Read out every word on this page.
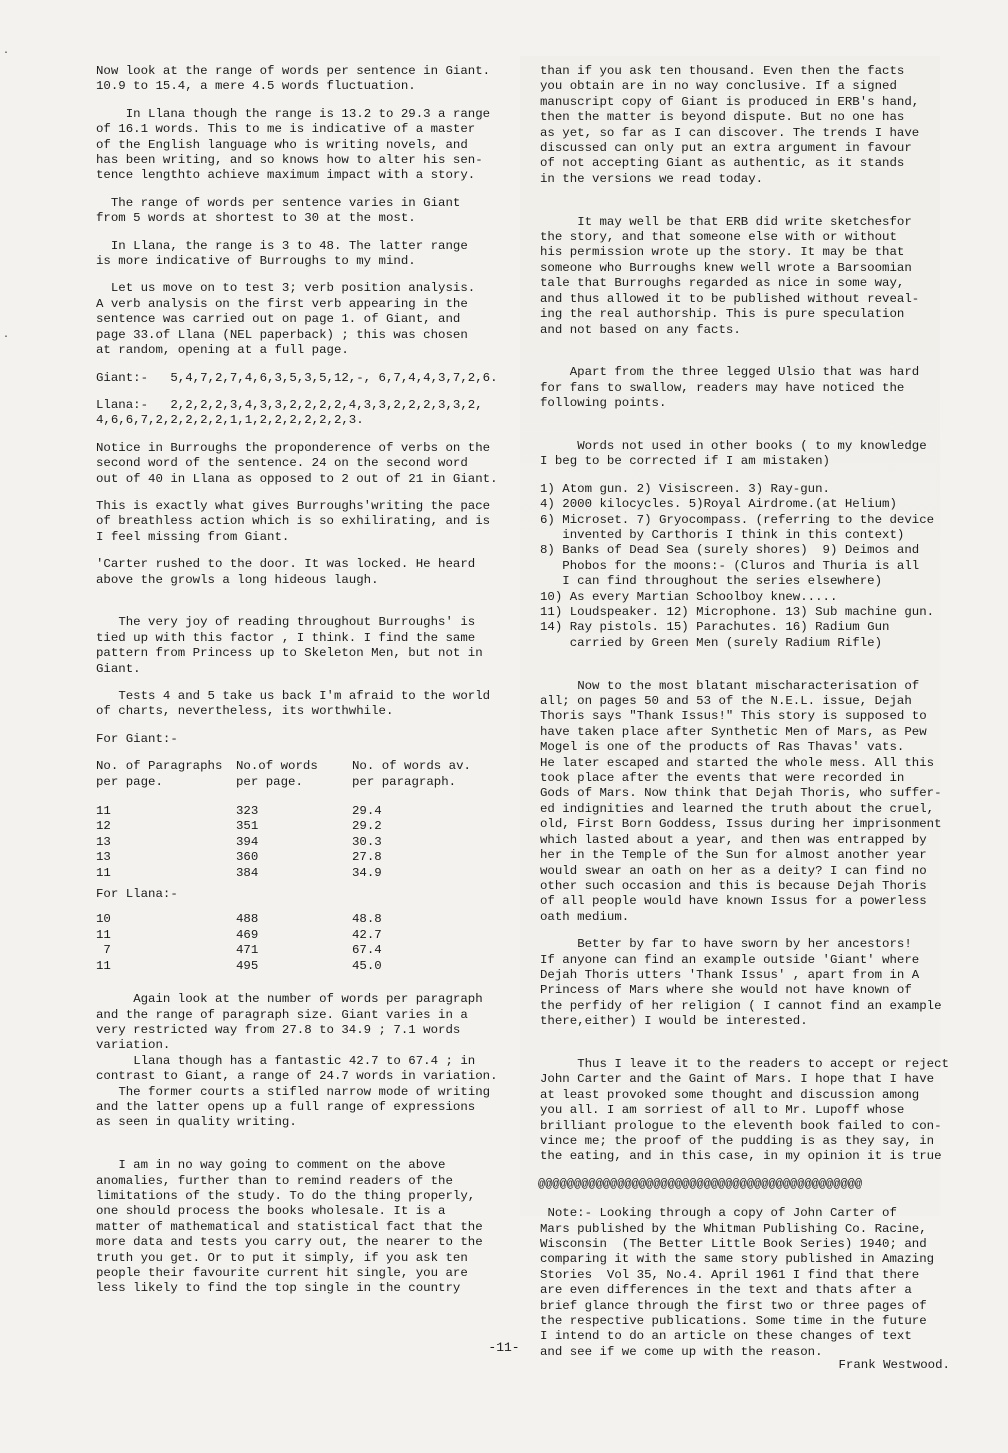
.
.

Now look at the range of words per sentence in Giant.
10.9 to 15.4, a mere 4.5 words fluctuation.

In Llana though the range is 13.2 to 29.3 a range
of 16.1 words. This to me is indicative of a master
of the English language who is writing novels, and
has been writing, and so knows how to alter his sen-
tence lengthto achieve maximum impact with a story.

The range of words per sentence varies in Giant
from 5 words at shortest to 30 at the most.

In Llana, the range is 3 to 48. The latter range
is more indicative of Burroughs to my mind.

Let us move on to test 3; verb position analysis.
A verb analysis on the first verb appearing in the
sentence was carried out on page 1. of Giant, and
page 33.of Llana (NEL paperback) ; this was chosen
at random, opening at a full page.

Giant:-   5,4,7,2,7,4,6,3,5,3,5,12,-, 6,7,4,4,3,7,2,6.

Llana:-   2,2,2,2,3,4,3,3,2,2,2,2,4,3,3,2,2,2,3,3,2,
4,6,6,7,2,2,2,2,2,1,1,2,2,2,2,2,2,3.

Notice in Burroughs the proponderence of verbs on the
second word of the sentence. 24 on the second word
out of 40 in Llana as opposed to 2 out of 21 in Giant.

This is exactly what gives Burroughs'writing the pace
of breathless action which is so exhilirating, and is
I feel missing from Giant.

'Carter rushed to the door. It was locked. He heard
above the growls a long hideous laugh.

The very joy of reading throughout Burroughs' is
tied up with this factor , I think. I find the same
pattern from Princess up to Skeleton Men, but not in
Giant.

Tests 4 and 5 take us back I'm afraid to the world
of charts, nevertheless, its worthwhile.

For Giant:-

No. of Paragraphs
per page.	No.of words
per page.	No. of words av.
per paragraph.

11	323	29.4
12	351	29.2
13	394	30.3
13	360	27.8
11	384	34.9

For Llana:-

10	488	48.8
11	469	42.7
7	471	67.4
11	495	45.0

Again look at the number of words per paragraph
and the range of paragraph size. Giant varies in a
very restricted way from 27.8 to 34.9 ; 7.1 words
variation.
Llana though has a fantastic 42.7 to 67.4 ; in
contrast to Giant, a range of 24.7 words in variation.
The former courts a stifled narrow mode of writing
and the latter opens up a full range of expressions
as seen in quality writing.

I am in no way going to comment on the above
anomalies, further than to remind readers of the
limitations of the study. To do the thing properly,
one should process the books wholesale. It is a
matter of mathematical and statistical fact that the
more data and tests you carry out, the nearer to the
truth you get. Or to put it simply, if you ask ten
people their favourite current hit single, you are
less likely to find the top single in the country

than if you ask ten thousand. Even then the facts
you obtain are in no way conclusive. If a signed
manuscript copy of Giant is produced in ERB's hand,
then the matter is beyond dispute. But no one has
as yet, so far as I can discover. The trends I have
discussed can only put an extra argument in favour
of not accepting Giant as authentic, as it stands
in the versions we read today.

It may well be that ERB did write sketchesfor
the story, and that someone else with or without
his permission wrote up the story. It may be that
someone who Burroughs knew well wrote a Barsoomian
tale that Burroughs regarded as nice in some way,
and thus allowed it to be published without reveal-
ing the real authorship. This is pure speculation
and not based on any facts.

Apart from the three legged Ulsio that was hard
for fans to swallow, readers may have noticed the
following points.

Words not used in other books ( to my knowledge
I beg to be corrected if I am mistaken)

1) Atom gun. 2) Visiscreen. 3) Ray-gun.
4) 2000 kilocycles. 5)Royal Airdrome.(at Helium)
6) Microset. 7) Gryocompass. (referring to the device
invented by Carthoris I think in this context)
8) Banks of Dead Sea (surely shores)  9) Deimos and
Phobos for the moons:- (Cluros and Thuria is all
I can find throughout the series elsewhere)
10) As every Martian Schoolboy knew.....
11) Loudspeaker. 12) Microphone. 13) Sub machine gun.
14) Ray pistols. 15) Parachutes. 16) Radium Gun
carried by Green Men (surely Radium Rifle)

Now to the most blatant mischaracterisation of
all; on pages 50 and 53 of the N.E.L. issue, Dejah
Thoris says "Thank Issus!" This story is supposed to
have taken place after Synthetic Men of Mars, as Pew
Mogel is one of the products of Ras Thavas' vats.
He later escaped and started the whole mess. All this
took place after the events that were recorded in
Gods of Mars. Now think that Dejah Thoris, who suffer-
ed indignities and learned the truth about the cruel,
old, First Born Goddess, Issus during her imprisonment
which lasted about a year, and then was entrapped by
her in the Temple of the Sun for almost another year
would swear an oath on her as a deity? I can find no
other such occasion and this is because Dejah Thoris
of all people would have known Issus for a powerless
oath medium.

Better by far to have sworn by her ancestors!
If anyone can find an example outside 'Giant' where
Dejah Thoris utters 'Thank Issus' , apart from in A
Princess of Mars where she would not have known of
the perfidy of her religion ( I cannot find an example
there,either) I would be interested.

Thus I leave it to the readers to accept or reject
John Carter and the Gaint of Mars. I hope that I have
at least provoked some thought and discussion among
you all. I am sorriest of all to Mr. Lupoff whose
brilliant prologue to the eleventh book failed to con-
vince me; the proof of the pudding is as they say, in
the eating, and in this case, in my opinion it is true

@@@@@@@@@@@@@@@@@@@@@@@@@@@@@@@@@@@@@@@@@@@@@

Note:- Looking through a copy of John Carter of
Mars published by the Whitman Publishing Co. Racine,
Wisconsin  (The Better Little Book Series) 1940; and
comparing it with the same story published in Amazing
Stories  Vol 35, No.4. April 1961 I find that there
are even differences in the text and thats after a
brief glance through the first two or three pages of
the respective publications. Some time in the future
I intend to do an article on these changes of text
and see if we come up with the reason.

Frank Westwood.
-11-
